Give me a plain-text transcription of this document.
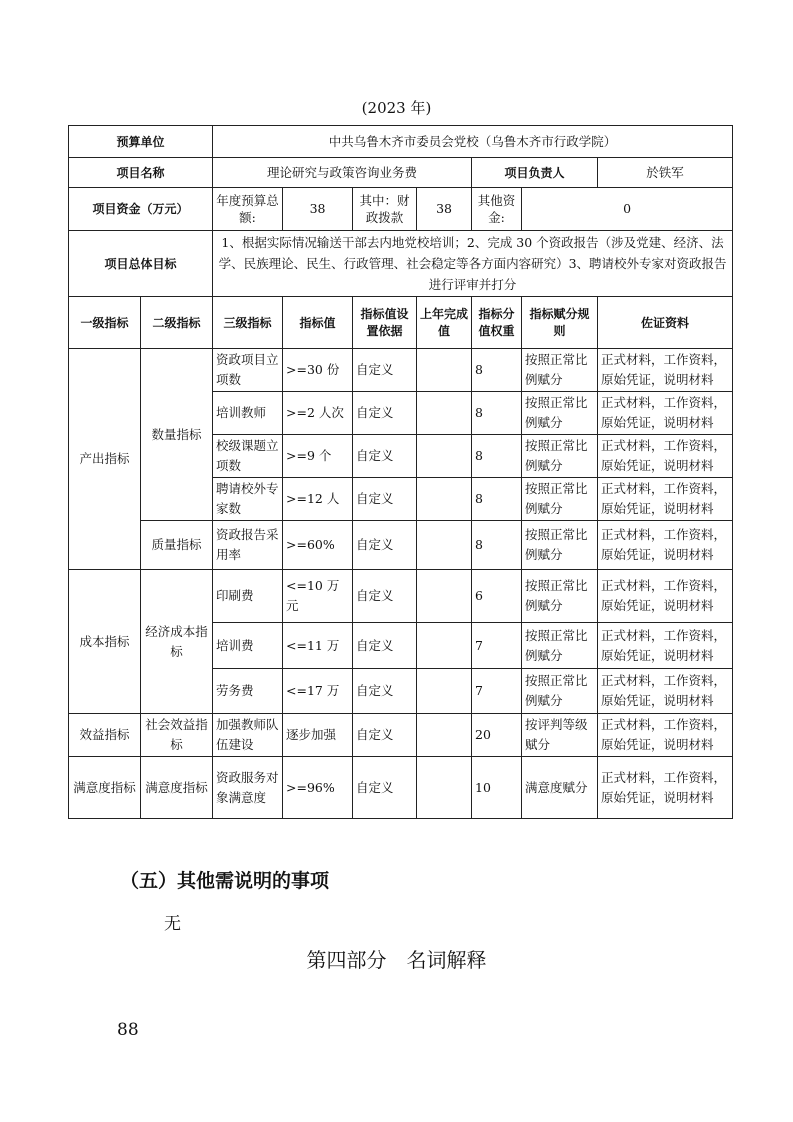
(2023 年)
预算单位		中共乌鲁木齐市委员会党校（乌鲁木齐市行政学院）						
项目名称		理论研究与政策咨询业务费				项目负责人		於铁军
项目资金（万元）		年度预算总额:	38	其中：财政拨款	38	其他资金:	0	
项目总体目标		1、根据实际情况输送干部去内地党校培训；2、完成 30 个资政报告（涉及党建、经济、法学、民族理论、民生、行政管理、社会稳定等各方面内容研究）3、聘请校外专家对资政报告进行评审并打分						
一级指标	二级指标	三级指标	指标值	指标值设置依据	上年完成值	指标分值权重	指标赋分规则	佐证资料
产出指标	数量指标	资政项目立项数	>=30 份	自定义		8	按照正常比例赋分	正式材料，工作资料，原始凭证，说明材料
		培训教师	>=2 人次	自定义		8	按照正常比例赋分	正式材料，工作资料，原始凭证，说明材料
		校级课题立项数	>=9 个	自定义		8	按照正常比例赋分	正式材料，工作资料，原始凭证，说明材料
		聘请校外专家数	>=12 人	自定义		8	按照正常比例赋分	正式材料，工作资料，原始凭证，说明材料
	质量指标	资政报告采用率	>=60%	自定义		8	按照正常比例赋分	正式材料，工作资料，原始凭证，说明材料
成本指标	经济成本指标	印刷费	<=10 万元	自定义		6	按照正常比例赋分	正式材料，工作资料，原始凭证，说明材料
		培训费	<=11 万	自定义		7	按照正常比例赋分	正式材料，工作资料，原始凭证，说明材料
		劳务费	<=17 万	自定义		7	按照正常比例赋分	正式材料，工作资料，原始凭证，说明材料
效益指标	社会效益指标	加强教师队伍建设	逐步加强	自定义		20	按评判等级赋分	正式材料，工作资料，原始凭证，说明材料
满意度指标	满意度指标	资政服务对象满意度	>=96%	自定义		10	满意度赋分	正式材料，工作资料，原始凭证，说明材料
（五）其他需说明的事项
无
第四部分　名词解释
88
